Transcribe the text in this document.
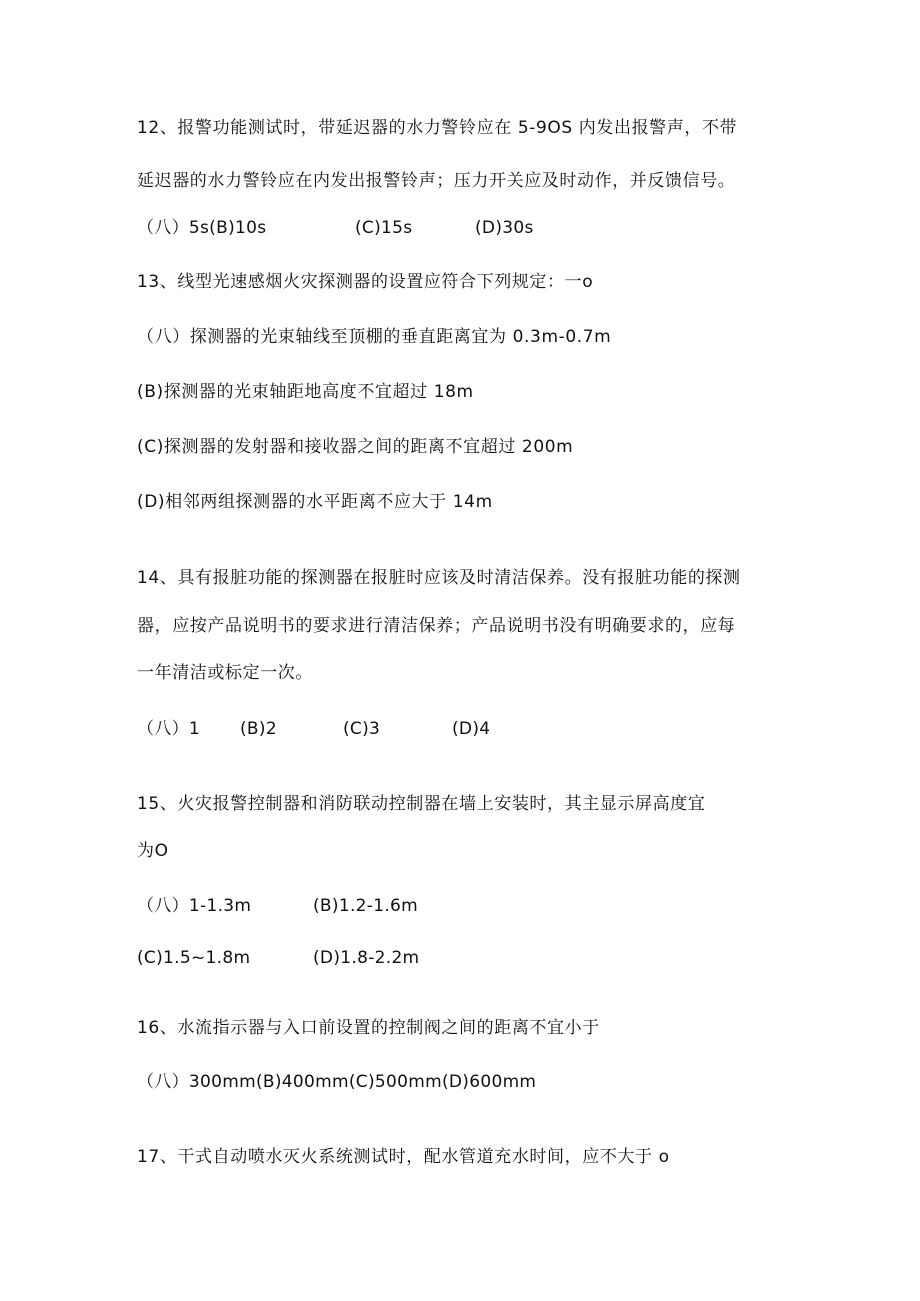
12、报警功能测试时，带延迟器的水力警铃应在 5-9OS 内发出报警声，不带
延迟器的水力警铃应在内发出报警铃声；压力开关应及时动作，并反馈信号。
（八）5s(B)10s	(C)15s	(D)30s
13、线型光速感烟火灾探测器的设置应符合下列规定：一o
（八）探测器的光束轴线至顶棚的垂直距离宜为 0.3m-0.7m
(B)探测器的光束轴距地高度不宜超过 18m
(C)探测器的发射器和接收器之间的距离不宜超过 200m
(D)相邻两组探测器的水平距离不应大于 14m
14、具有报脏功能的探测器在报脏时应该及时清洁保养。没有报脏功能的探测
器，应按产品说明书的要求进行清洁保养；产品说明书没有明确要求的，应每
一年清洁或标定一次。
（八）1 (B)2	(C)3	(D)4
15、火灾报警控制器和消防联动控制器在墙上安装时，其主显示屏高度宜
为O
（八）1-1.3m	(B)1.2-1.6m
(C)1.5~1.8m	(D)1.8-2.2m
16、水流指示器与入口前设置的控制阀之间的距离不宜小于
（八）300mm(B)400mm(C)500mm(D)600mm
17、干式自动喷水灭火系统测试时，配水管道充水时间，应不大于 o
